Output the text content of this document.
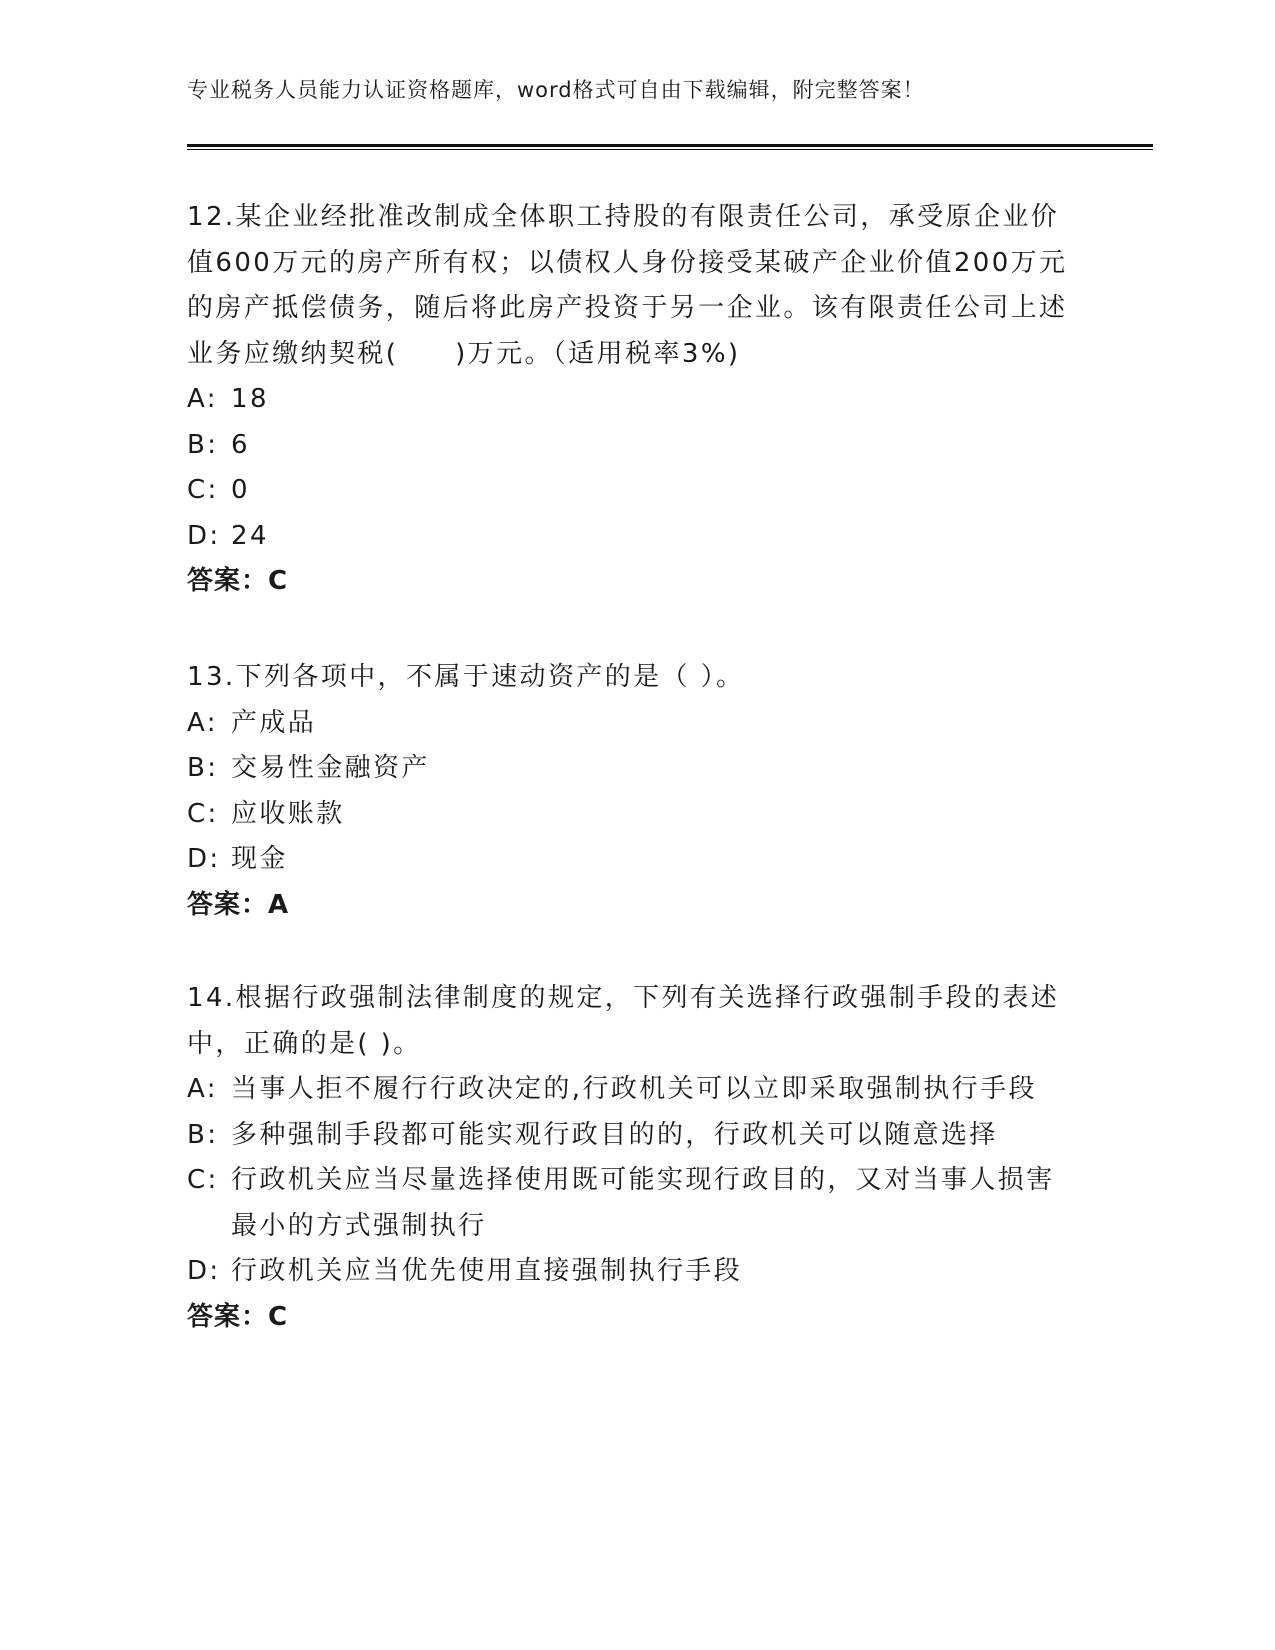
专业税务人员能力认证资格题库，word格式可自由下载编辑，附完整答案！

12.某企业经批准改制成全体职工持股的有限责任公司，承受原企业价值600万元的房产所有权；以债权人身份接受某破产企业价值200万元的房产抵偿债务，随后将此房产投资于另一企业。该有限责任公司上述业务应缴纳契税(　　)万元。（适用税率3%)

A: 18
B: 6
C: 0
D: 24

答案：C

13.下列各项中，不属于速动资产的是（ ）。

A: 产成品
B: 交易性金融资产
C: 应收账款
D: 现金

答案：A

14.根据行政强制法律制度的规定，下列有关选择行政强制手段的表述中，正确的是( )。

A: 当事人拒不履行行政决定的,行政机关可以立即采取强制执行手段
B: 多种强制手段都可能实观行政目的的，行政机关可以随意选择
C: 行政机关应当尽量选择使用既可能实现行政目的，又对当事人损害最小的方式强制执行
D: 行政机关应当优先使用直接强制执行手段

答案：C
